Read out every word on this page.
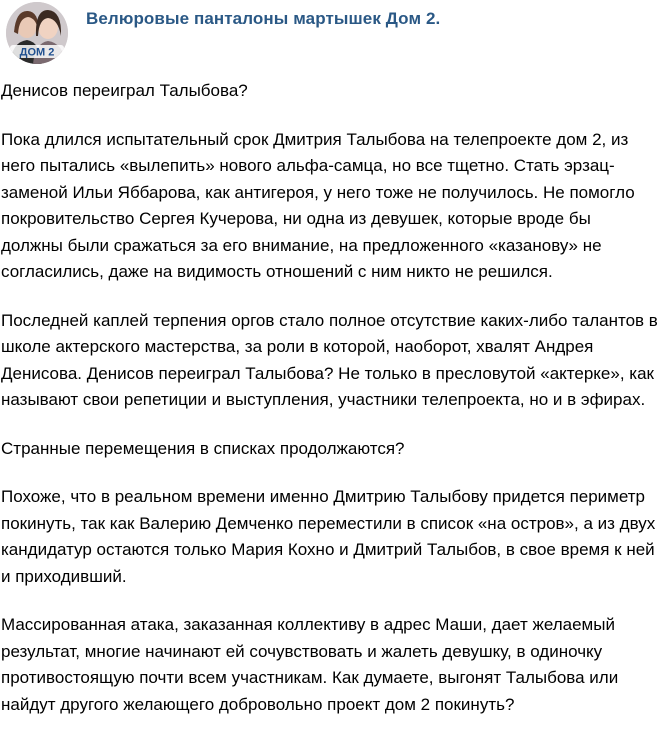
ДОМ 2
Велюровые панталоны мартышек Дом 2.

Денисов переиграл Талыбова?

Пока длился испытательный срок Дмитрия Талыбова на телепроекте дом 2, из
него пытались «вылепить» нового альфа-самца, но все тщетно. Стать эрзац-
заменой Ильи Яббарова, как антигероя, у него тоже не получилось. Не помогло
покровительство Сергея Кучерова, ни одна из девушек, которые вроде бы
должны были сражаться за его внимание, на предложенного «казанову» не
согласились, даже на видимость отношений с ним никто не решился.

Последней каплей терпения оргов стало полное отсутствие каких-либо талантов в
школе актерского мастерства, за роли в которой, наоборот, хвалят Андрея
Денисова. Денисов переиграл Талыбова? Не только в пресловутой «актерке», как
называют свои репетиции и выступления, участники телепроекта, но и в эфирах.

Странные перемещения в списках продолжаются?

Похоже, что в реальном времени именно Дмитрию Талыбову придется периметр
покинуть, так как Валерию Демченко переместили в список «на остров», а из двух
кандидатур остаются только Мария Кохно и Дмитрий Талыбов, в свое время к ней
и приходивший.

Массированная атака, заказанная коллективу в адрес Маши, дает желаемый
результат, многие начинают ей сочувствовать и жалеть девушку, в одиночку
противостоящую почти всем участникам. Как думаете, выгонят Талыбова или
найдут другого желающего добровольно проект дом 2 покинуть?
